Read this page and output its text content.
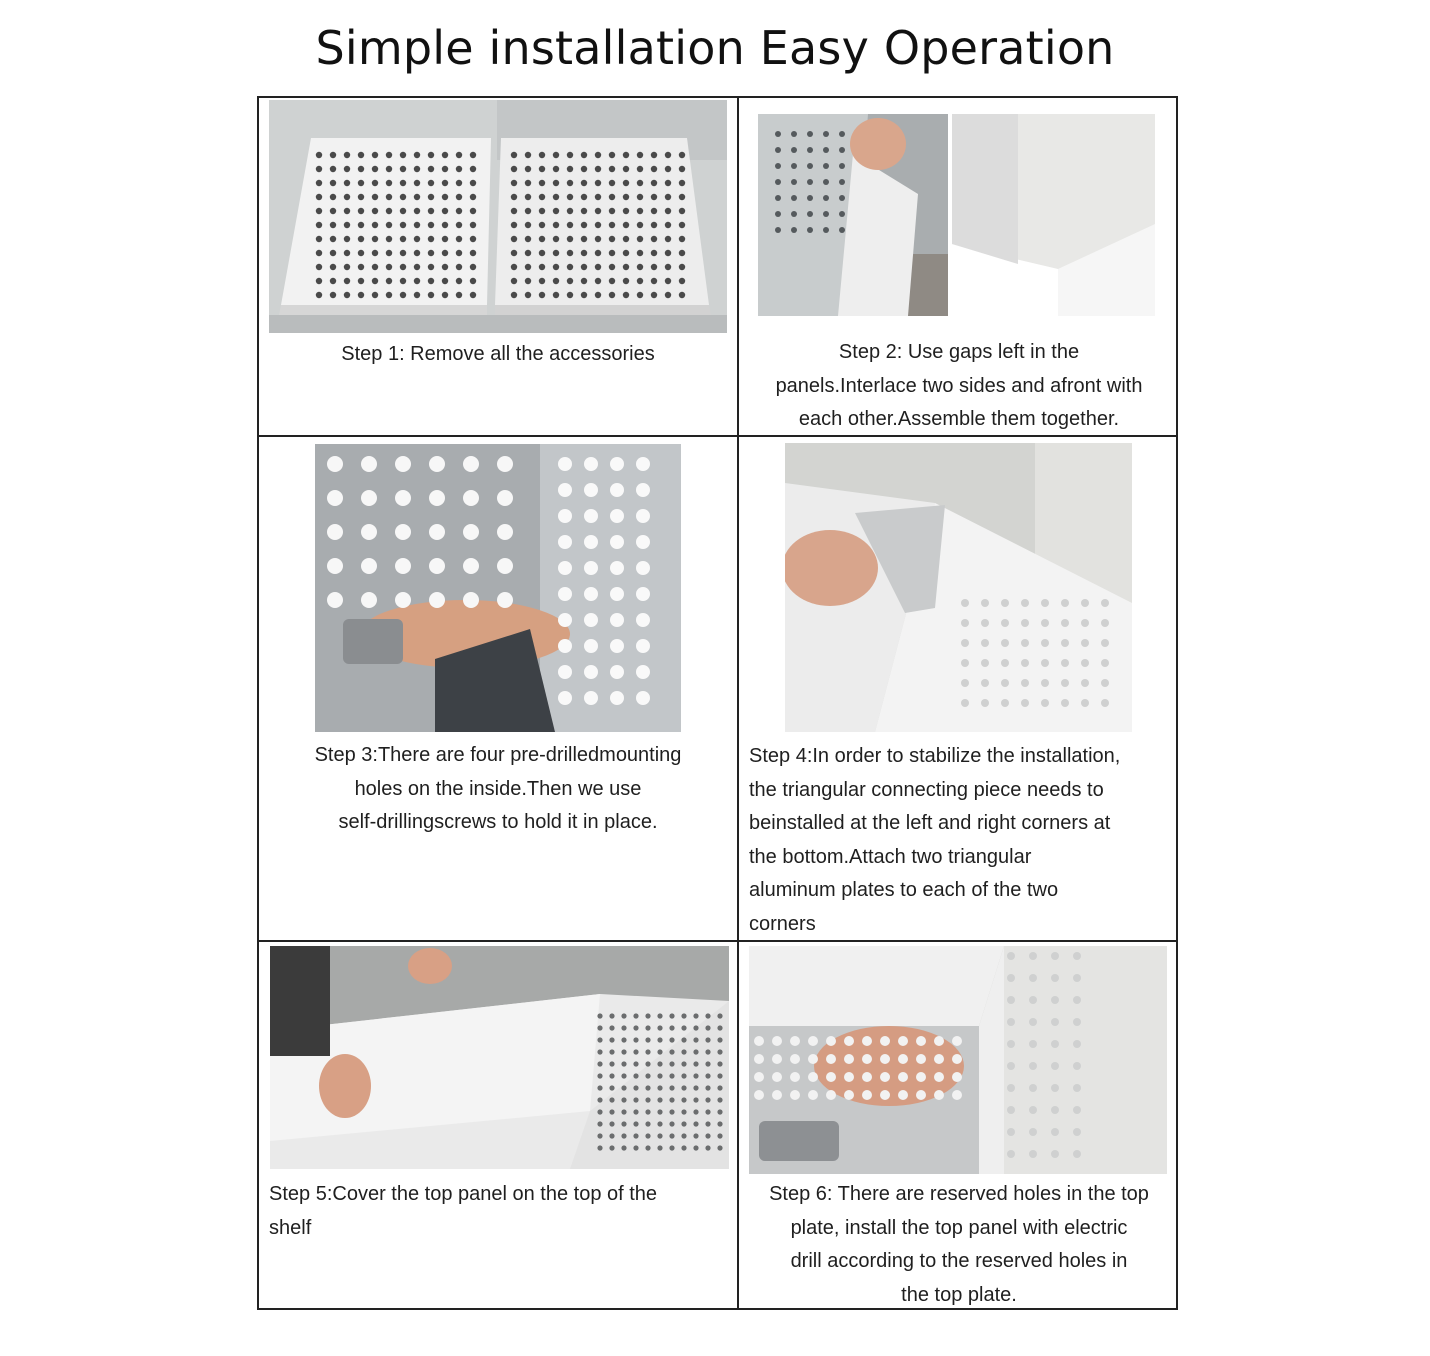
Simple installation Easy Operation
Step 1: Remove all the accessories	Step 2: Use gaps left in the
panels.Interlace two sides and afront with
each other.Assemble them together.
Step 3:There are four pre-drilledmounting
holes on the inside.Then we use
self-drillingscrews to hold it in place.
Step 4:In order to stabilize the installation,
the triangular connecting piece needs to
beinstalled at the left and right corners at
the bottom.Attach two triangular
aluminum plates to each of the two
corners
Step 5:Cover the top panel on the top of the
shelf
Step 6: There are reserved holes in the top
plate, install the top panel with electric
drill according to the reserved holes in
the top plate.
